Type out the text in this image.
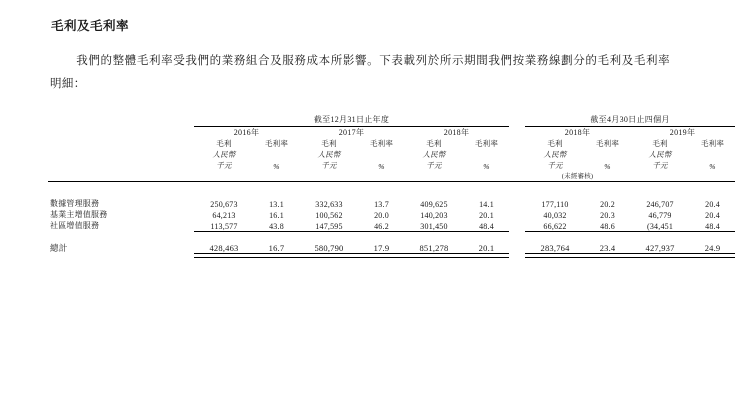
毛利及毛利率

我們的整體毛利率受我們的業務組合及服務成本所影響。下表載列於所示期間我們按業務線劃分的毛利及毛利率明細：

	截至12月31日止年度							截至4月30日止四個月			

	2016年		2017年		2018年			2018年		2019年	
	毛利	毛利率	毛利	毛利率	毛利	毛利率		毛利	毛利率	毛利	毛利率
	人民幣		人民幣		人民幣			人民幣		人民幣	
	千元	%	千元	%	千元	%		千元	%	千元	%
								(未經審核)			

數據管理服務	250,673	13.1	332,633	13.7	409,625	14.1		177,110	20.2	246,707	20.4
基業主增值服務	64,213	16.1	100,562	20.0	140,203	20.1		40,032	20.3	46,779	20.4
社區增值服務	113,577	43.8	147,595	46.2	301,450	48.4		66,622	48.6	(34,451	48.4

總計	428,463	16.7	580,790	17.9	851,278	20.1		283,764	23.4	427,937	24.9
